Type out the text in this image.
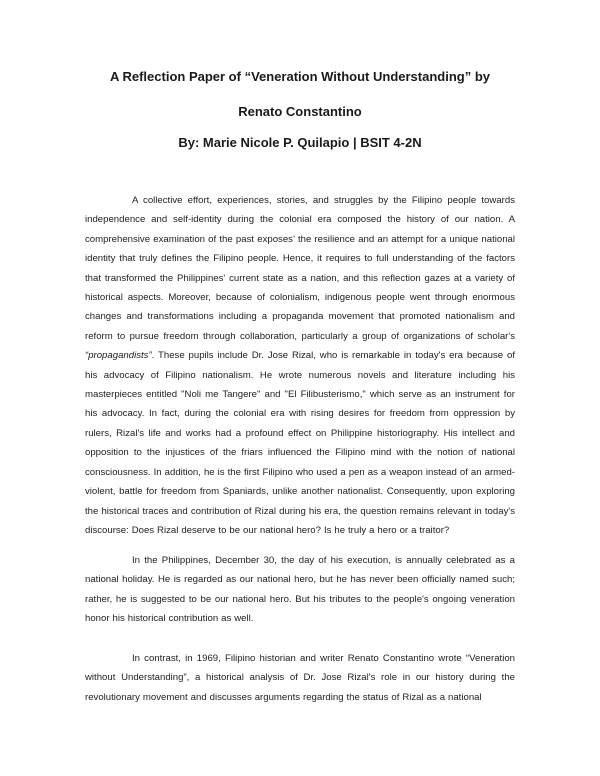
A Reflection Paper of “Veneration Without Understanding” by
Renato Constantino
By: Marie Nicole P. Quilapio | BSIT 4-2N

A collective effort, experiences, stories, and struggles by the Filipino people towards independence and self-identity during the colonial era composed the history of our nation. A comprehensive examination of the past exposes’ the resilience and an attempt for a unique national identity that truly defines the Filipino people. Hence, it requires to full understanding of the factors that transformed the Philippines' current state as a nation, and this reflection gazes at a variety of historical aspects. Moreover, because of colonialism, indigenous people went through enormous changes and transformations including a propaganda movement that promoted nationalism and reform to pursue freedom through collaboration, particularly a group of organizations of scholar's “propagandists”. These pupils include Dr. Jose Rizal, who is remarkable in today's era because of his advocacy of Filipino nationalism. He wrote numerous novels and literature including his masterpieces entitled "Noli me Tangere" and "El Filibusterismo," which serve as an instrument for his advocacy. In fact, during the colonial era with rising desires for freedom from oppression by rulers, Rizal's life and works had a profound effect on Philippine historiography. His intellect and opposition to the injustices of the friars influenced the Filipino mind with the notion of national consciousness. In addition, he is the first Filipino who used a pen as a weapon instead of an armed-violent, battle for freedom from Spaniards, unlike another nationalist. Consequently, upon exploring the historical traces and contribution of Rizal during his era, the question remains relevant in today's discourse: Does Rizal deserve to be our national hero? Is he truly a hero or a traitor?

In the Philippines, December 30, the day of his execution, is annually celebrated as a national holiday. He is regarded as our national hero, but he has never been officially named such; rather, he is suggested to be our national hero. But his tributes to the people's ongoing veneration honor his historical contribution as well.

In contrast, in 1969, Filipino historian and writer Renato Constantino wrote “Veneration without Understanding”, a historical analysis of Dr. Jose Rizal's role in our history during the revolutionary movement and discusses arguments regarding the status of Rizal as a national
